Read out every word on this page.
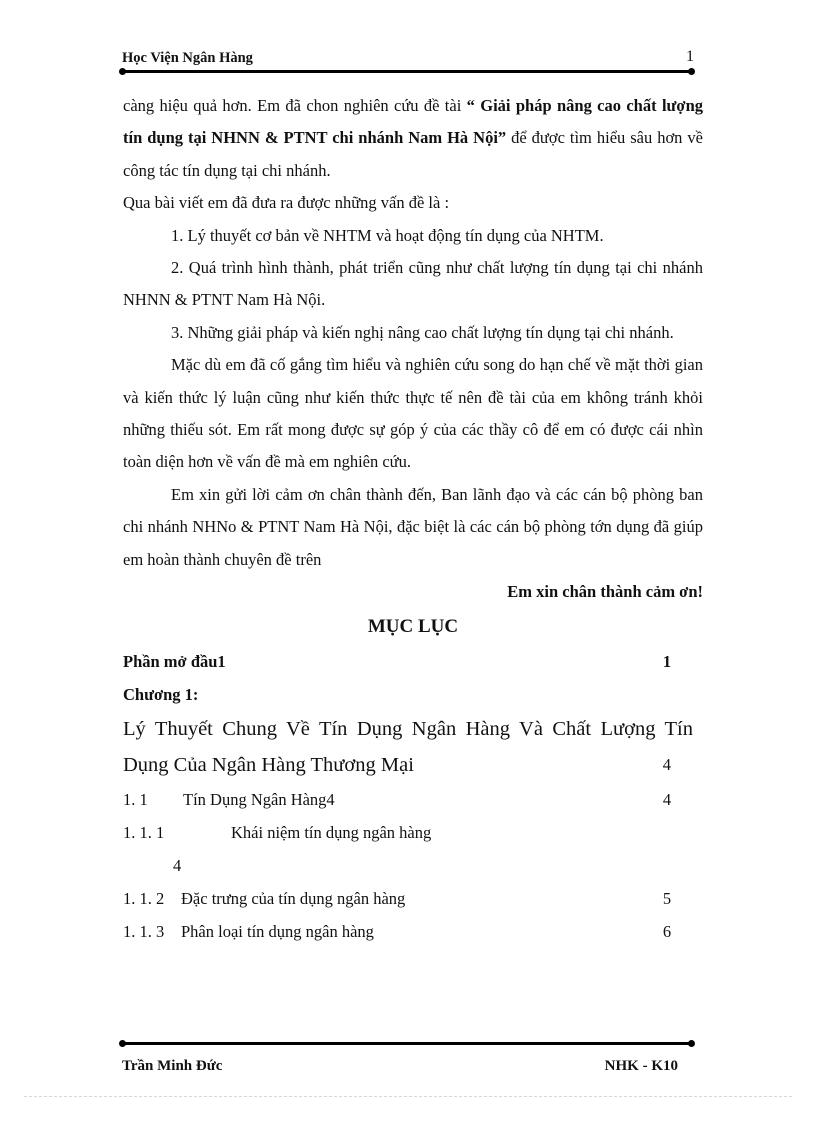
Học Viện Ngân Hàng	1

càng hiệu quả hơn. Em đã chon nghiên cứu đề tài “ Giải pháp nâng cao chất lượng tín dụng tại NHNN & PTNT chi nhánh Nam Hà Nội” để được tìm hiểu sâu hơn về công tác tín dụng tại chi nhánh.

Qua bài viết em đã đưa ra được những vấn đề là :

1. Lý thuyết cơ bản về NHTM và hoạt động tín dụng của NHTM.

2. Quá trình hình thành, phát triển cũng như chất lượng tín dụng tại chi nhánh NHNN & PTNT Nam Hà Nội.

3. Những giải pháp và kiến nghị nâng cao chất lượng tín dụng tại chi nhánh.

Mặc dù em đã cố gắng tìm hiểu và nghiên cứu song do hạn chế về mặt thời gian và kiến thức lý luận cũng như kiến thức thực tế nên đề tài của em không tránh khỏi những thiếu sót. Em rất mong được sự góp ý của các thầy cô để em có được cái nhìn toàn diện hơn về vấn đề mà em nghiên cứu.

Em xin gửi lời cảm ơn chân thành đến, Ban lãnh đạo và các cán bộ phòng ban chi nhánh NHNo & PTNT Nam Hà Nội, đặc biệt là các cán bộ phòng tớn dụng đã giúp em hoàn thành chuyên đề trên

Em xin chân thành cảm ơn!

MỤC LỤC

Phần mở đầu1	1
Chương 1:
Lý Thuyết Chung Về Tín Dụng Ngân Hàng Và Chất Lượng Tín Dụng Của Ngân Hàng Thương Mại	4
1. 1 Tín Dụng Ngân Hàng4	4
1. 1. 1	Khái niệm tín dụng ngân hàng
4
1. 1. 2 Đặc trưng của tín dụng ngân hàng	5
1. 1. 3 Phân loại tín dụng ngân hàng	6
Trần Minh Đức	NHK - K10
